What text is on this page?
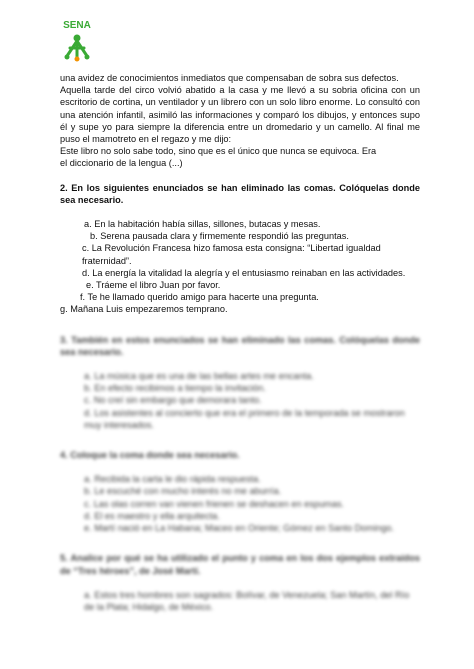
SENA

una avidez de conocimientos inmediatos que compensaban de sobra sus defectos.

Aquella tarde del circo volvió abatido a la casa y me llevó a su sobria oficina con un escritorio de cortina, un ventilador y un librero con un solo libro enorme. Lo consultó con una atención infantil, asimiló las informaciones y comparó los dibujos, y entonces supo él y supe yo para siempre la diferencia entre un dromedario y un camello. Al final me puso el mamotreto en el regazo y me dijo:

Este libro no solo sabe todo, sino que es el único que nunca se equivoca. Era

el diccionario de la lengua (...)

2. En los siguientes enunciados se han eliminado las comas. Colóquelas donde sea necesario.

a. En la habitación había sillas, sillones, butacas y mesas.
b. Serena pausada clara y firmemente respondió las preguntas.
c. La Revolución Francesa hizo famosa esta consigna: “Libertad igualdad fraternidad”.
d. La energía la vitalidad la alegría y el entusiasmo reinaban en las actividades.
e. Tráeme el libro Juan por favor.
f. Te he llamado querido amigo para hacerte una pregunta.
g. Mañana Luis empezaremos temprano.

3. También en estos enunciados se han eliminado las comas. Colóquelas donde sea necesario.

a. La música que es una de las bellas artes me encanta.
b. En efecto recibimos a tiempo la invitación.
c. No creí sin embargo que demorara tanto.
d. Los asistentes al concierto que era el primero de la temporada se mostraron muy interesados.

4. Coloque la coma donde sea necesario.

a. Recibida la carta le dio rápida respuesta.
b. Le escuché con mucho interés no me aburría.
c. Las olas corren van vienen frienen se deshacen en espumas.
d. El es maestro y ella arquitecta.
e. Martí nació en La Habana; Maceo en Oriente; Gómez en Santo Domingo.

5. Analice por qué se ha utilizado el punto y coma en los dos ejemplos extraídos de “Tres héroes”, de José Martí.

a. Estos tres hombres son sagrados: Bolívar, de Venezuela; San Martín, del Río de la Plata; Hidalgo, de México.
